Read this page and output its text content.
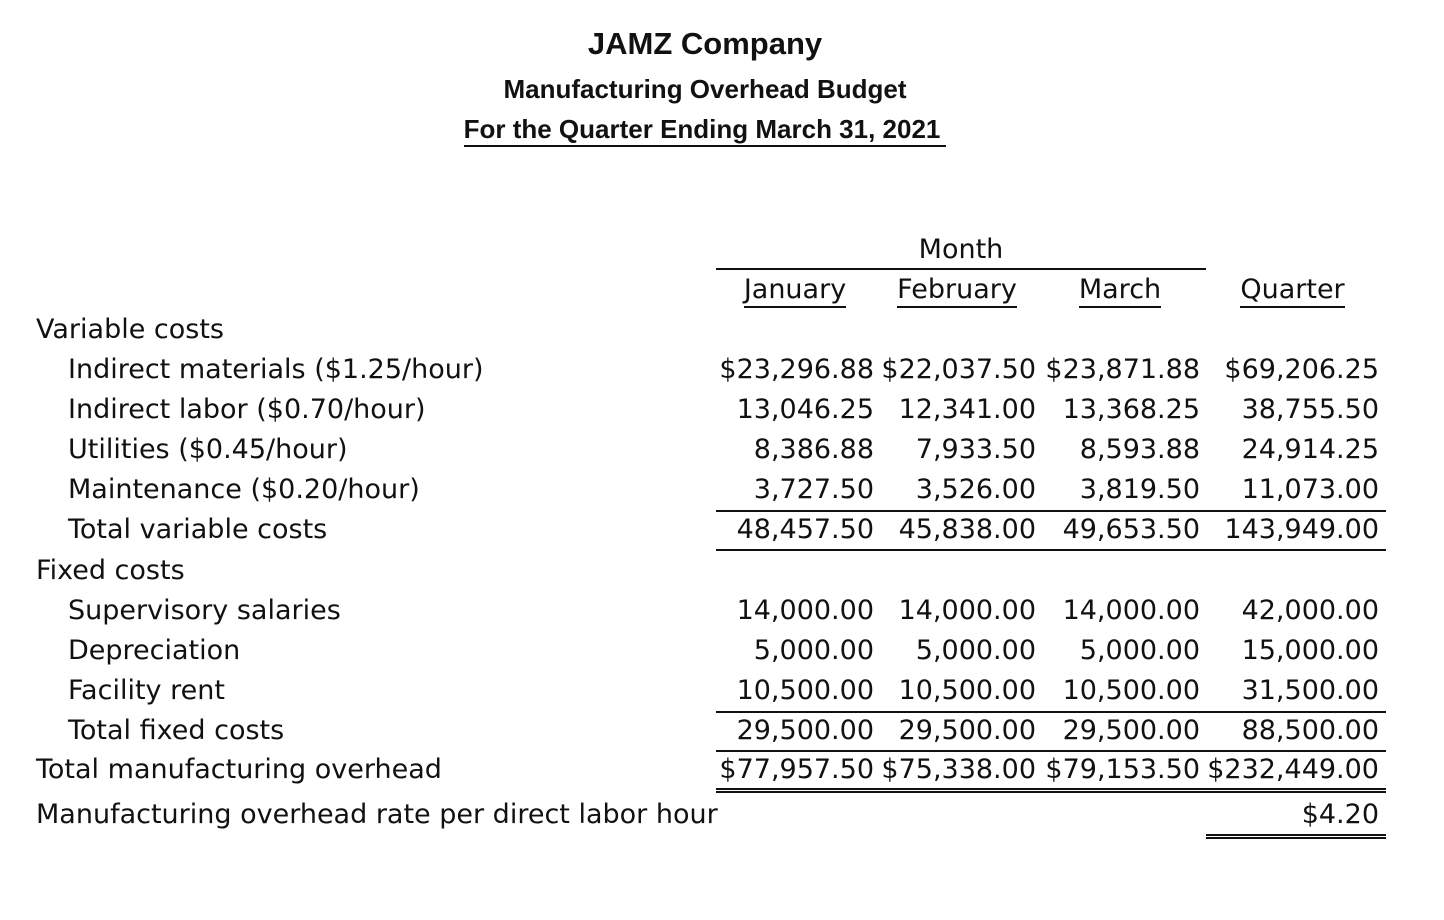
JAMZ Company
Manufacturing Overhead Budget
For the Quarter Ending March 31, 2021
Month
January	February	March	Quarter
Variable costs
Indirect materials ($1.25/hour)	$23,296.88 $22,037.50 $23,871.88 $69,206.25
Indirect labor ($0.70/hour)	13,046.25 12,341.00 13,368.25	38,755.50
Utilities ($0.45/hour)	8,386.88	7,933.50	8,593.88	24,914.25
Maintenance ($0.20/hour)	3,727.50	3,526.00	3,819.50	11,073.00
Total variable costs	48,457.50 45,838.00 49,653.50 143,949.00
Fixed costs
Supervisory salaries	14,000.00 14,000.00 14,000.00	42,000.00
Depreciation	5,000.00	5,000.00	5,000.00	15,000.00
Facility rent	10,500.00 10,500.00 10,500.00	31,500.00
Total fixed costs	29,500.00 29,500.00 29,500.00	88,500.00
Total manufacturing overhead	$77,957.50 $75,338.00 $79,153.50 $232,449.00
Manufacturing overhead rate per direct labor hour	$4.20
